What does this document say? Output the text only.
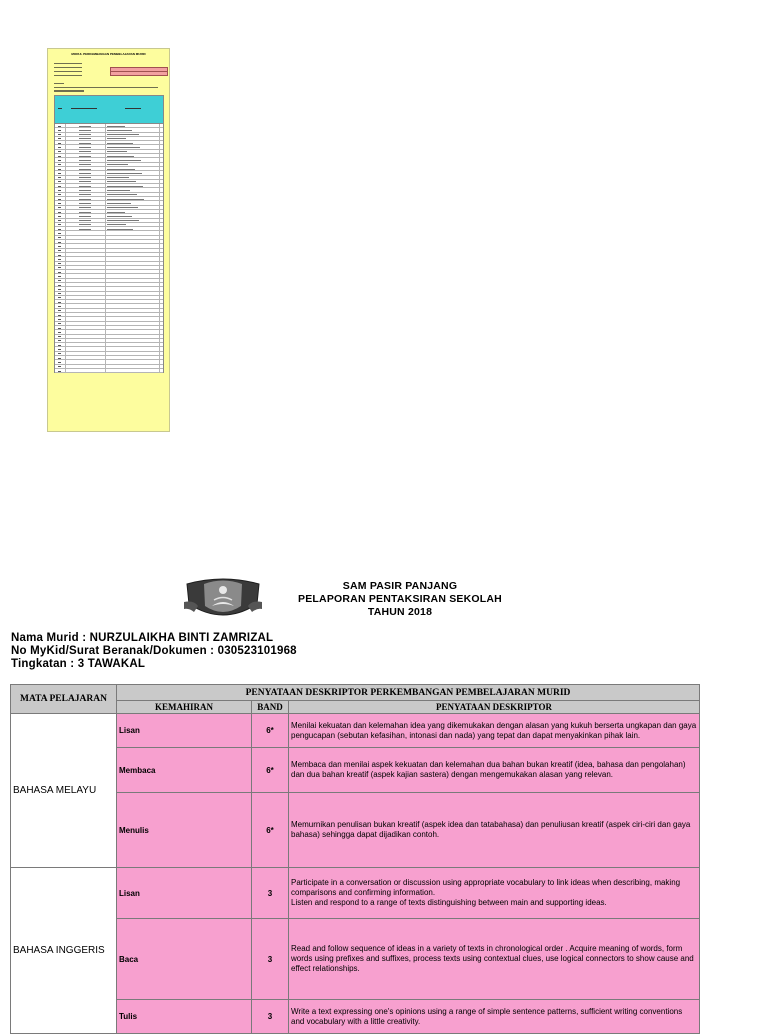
MODUL PERKEMBANGAN PEMBELAJARAN MURID
SAM PASIR PANJANG
PELAPORAN PENTAKSIRAN SEKOLAH
TAHUN 2018
Nama Murid : NURZULAIKHA BINTI ZAMRIZAL
No MyKid/Surat Beranak/Dokumen : 030523101968
Tingkatan : 3 TAWAKAL
MATA PELAJARAN	PENYATAAN DESKRIPTOR PERKEMBANGAN PEMBELAJARAN MURID		
	KEMAHIRAN	BAND	PENYATAAN DESKRIPTOR
BAHASA MELAYU	Lisan	6*	Menilai kekuatan dan kelemahan idea yang dikemukakan dengan alasan yang kukuh berserta ungkapan dan gaya pengucapan (sebutan kefasihan, intonasi dan nada) yang tepat dan dapat menyakinkan pihak lain.
	Membaca	6*	Membaca dan menilai aspek kekuatan dan kelemahan dua bahan bukan kreatif (idea, bahasa dan pengolahan) dan dua bahan kreatif (aspek kajian sastera) dengan mengemukakan alasan yang relevan.
	Menulis	6*	Memurnikan penulisan bukan kreatif (aspek idea dan tatabahasa) dan penuliusan kreatif (aspek ciri-ciri dan gaya bahasa) sehingga dapat dijadikan contoh.
BAHASA INGGERIS	Lisan	3	Participate in a conversation or discussion using appropriate vocabulary to link ideas when describing, making comparisons and confirming information.
Listen and respond to a range of texts distinguishing between main and supporting ideas.
	Baca	3	Read and follow sequence of ideas in a variety of texts in chronological order . Acquire meaning of words, form words using prefixes and suffixes, process texts using contextual clues, use logical connectors to show cause and effect relationships.
	Tulis	3	Write a text expressing one's opinions using a range of simple sentence patterns, sufficient writing conventions and vocabulary with a little creativity.
